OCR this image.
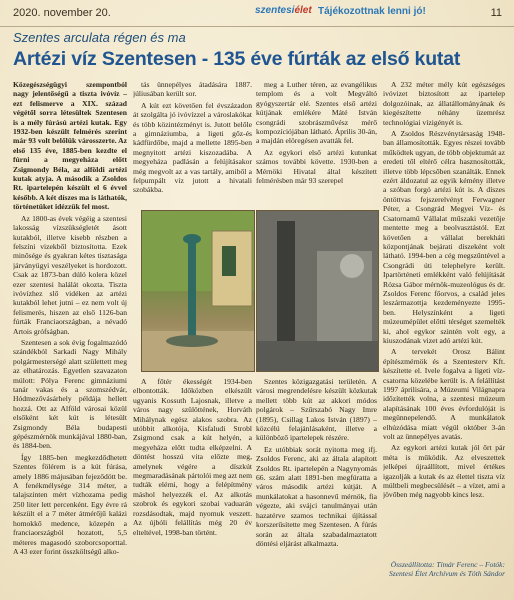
2020. november 20.	szentesiélet Tájékozottnak lenni jó!	11
Szentes arculata régen és ma
Artézi víz Szentesen - 135 éve fúrták az első kutat

Közegészségügyi szempontból nagy jelentőségű a tiszta ivóvíz – ezt felismerve a XIX. század végétől sorra létesültek Szentesen is a mély fúrású artézi kutak. Egy 1932-ben készült felmérés szerint már 93 volt belőlük városszerte. Az első 135 éve, 1885-ben kezdte el fúrni a megyeháza előtt Zsigmondy Béla, az alföldi artézi kutak atyja. A második a Zsoldos Rt. ipartelepén készült el 6 évvel később. A két díszes ma is láthatók, történetüket idézzük fel most.

Az 1800-as évek végéig a szentesi lakosság vízszükségletét ásott kutakból, illetve kisebb részben a felszíni vizekből biztosította. Ezek minősége és gyakran kétes tisztasága járványügyi veszélyeket is hordozott. Csak az 1873-ban dúló kolera közel ezer szentesi halálát okozta. Tiszta ivóvízhez slő vidéken az artézi kutakból lehet jutni – ez nem volt új felismerés, hiszen az első 1126-ban fúrták Franciaországban, a névadó Artois grófságban.

Szentesen a sok évig fogalmazódó szándékból Sarkadi Nagy Mihály polgármesterségé alatt születtett meg az elhatározás. Egyetlen szavazaton múlott: Pólya Ferenc gimnáziumi tanár vakas és a szomszédvár, Hódmezővásárhely példája hellett hozzá. Ott az Alföld városai közül elsőként két kút is létesült Zsigmondy Béla budapesti gépészmérnök munkájával 1880-ban, és 1884-ben.

Így 1885-ben megkezdődhetett Szentes fölérem is a kút fúrása, amely 1886 májusában fejeződött be. A fenékmélysége 314 méter, a talajszinten mért vízhozama pedig 250 liter lett percenként. Egy évre rá készült el a 7 méter átmérőjű kalázi homokkő medence, közepén a franciaországból hozatott, 5,5 méteres magasodó szoborcsoporttal. A 43 ezer forint összköltségű alko-

tás ünnepélyes átadására 1887. júliusában került sor.

A kút ezt követően fel évszázadon át szolgálta jó ivóvízzel a városlakókat és több közintézményt is. Jutott belőle a gimnáziumba, a ligeti gőz-és kádfürdőbe, majd a mellette 1895-ben megnyitott artézi kiszozadába. A megyeháza padlásán a felújításakor még megvolt az a vas tartály, amiből a felpumpált víz jutott a hivatali szobákba.

meg a Luther téren, az evangélikus templom és a volt Megváltó gyógyszertár elé. Szentes első artézi kútjának emlékére Máté István csongrádi szobrászművész mérő kompozíciójában látható. Április 30-án, a majdán elöregésen avatták fel.

Az egykori első artézi kutunkat számos további követte. 1930-ben a Mérnöki Hivatal által készített felmérésben már 93 szerepel

A főtér ékességét 1934-ben elbontották. Időközben elkészült ugyanis Kossuth Lajosnak, illetve a város nagy szülöttének, Horváth Mihálynak egész alakos szobra. Az utóbbit alkotója, Kisfaludi Strobl Zsigmond csak a kút helyén, a megyeháza előtt tudta elképzelni. A döntést hosszú vita előzte meg, amelynek végére a díszkút megmaradásának pártolói meg azt nem tudták elérni, hogy a felépítmény máshol helyezzék el. Az alkotás szobrok és egykori szobai vaduarán rozsdásodtak, majd nyomuk veszett. Az újbóli felállítás még 20 év elteltével, 1998-ban történt.

Szentes közigazgatási területén. A városi megrendelésre készült közkutak mellett több kút az akkori módos polgárok – Szűrszabó Nagy Imre (1895), Csillag Lakos István (1897) – közcélú felajánlásaként, illetve a különböző ipartelepek részére.

Ez utóbbiak sorát nyitotta meg ifj. Zsoldos Ferenc, aki az általa alapított Zsoldos Rt. ipartelepén a Nagynyomás 66. szám alatt 1891-ben megfúratta a város második artézi kútját. A munkálatokat a hasonnevű mérnök, fia végezte, aki svájci tanulmányai után hazatérve szamos technikai újítással korszerűsítette meg Szentesen. A fúrás során az általa szabadalmaztatott döntési eljárást alkalmazta.

A 232 méter mély kút egészséges ivóvizet biztosított az ipartelep dolgozóinak, az állatállományának és kiegészítette néhány üzemrész technológiai vízigényét is.

A Zsoldos Részvénytársaság 1948-ban államosították. Egyes részei tovább működtek ugyan, de több objektumát az eredeti től eltérő célra hasznosították, illetve több lépcsőben szanálták. Ennek ezért áldozatul az egyik kémény illetve a szóban forgó artézi kút is. A díszes öntöttvas fejszerelvényt Ferwagner Péter, a Csongrád Megyei Víz- és Csatornamű Vállalat műszaki vezetője mentette meg a beolvasztástól. Ezt követően a vállalat berekháti központjának bejárati díszeként volt látható. 1994-ben a cég megszűntével a Csongrádi úti telephelyre került. Ipartörténeti emlékként való felújítását Rózsa Gábor mérnök-muzeológus és dr. Zsoldos Ferenc főorvos, a család jeles leszármazottja kezdeményezte 1995-ben. Helyszínként a ligeti múzeumépület előtti térséget szemelték ki, ahol egykor szintén volt egy, a kiuszodának vizet adó artézi kút.

A tervekét Orosz Bálint építészmérnök és a Szentesterv Kft. készítette el. Ivele fogalva a ligeti víz-csatorna közelébe került is. A felállítást 1997 áprilisára, a Múzeumi Világnapra időzítették volna, a szentesi múzeum alapításának 100 éves évfordulóját is megünnepelendő. A munkálatok elhúzódása miatt végül október 3-án volt az ünnepélyes avatás.

Az egykori artézi kutak jól őrt pár méta is működik. Az elveszettek jelképei újraállított, mivel értékes igazolják a kutak és az élettel tiszta víz múltbeli megbecsülését – a vízet, ami a jövőben még nagyobb kincs lesz.

Összeállította: Tímár Ferenc – Fotók: Szentesi Élet Archívum és Tóth Sándor
